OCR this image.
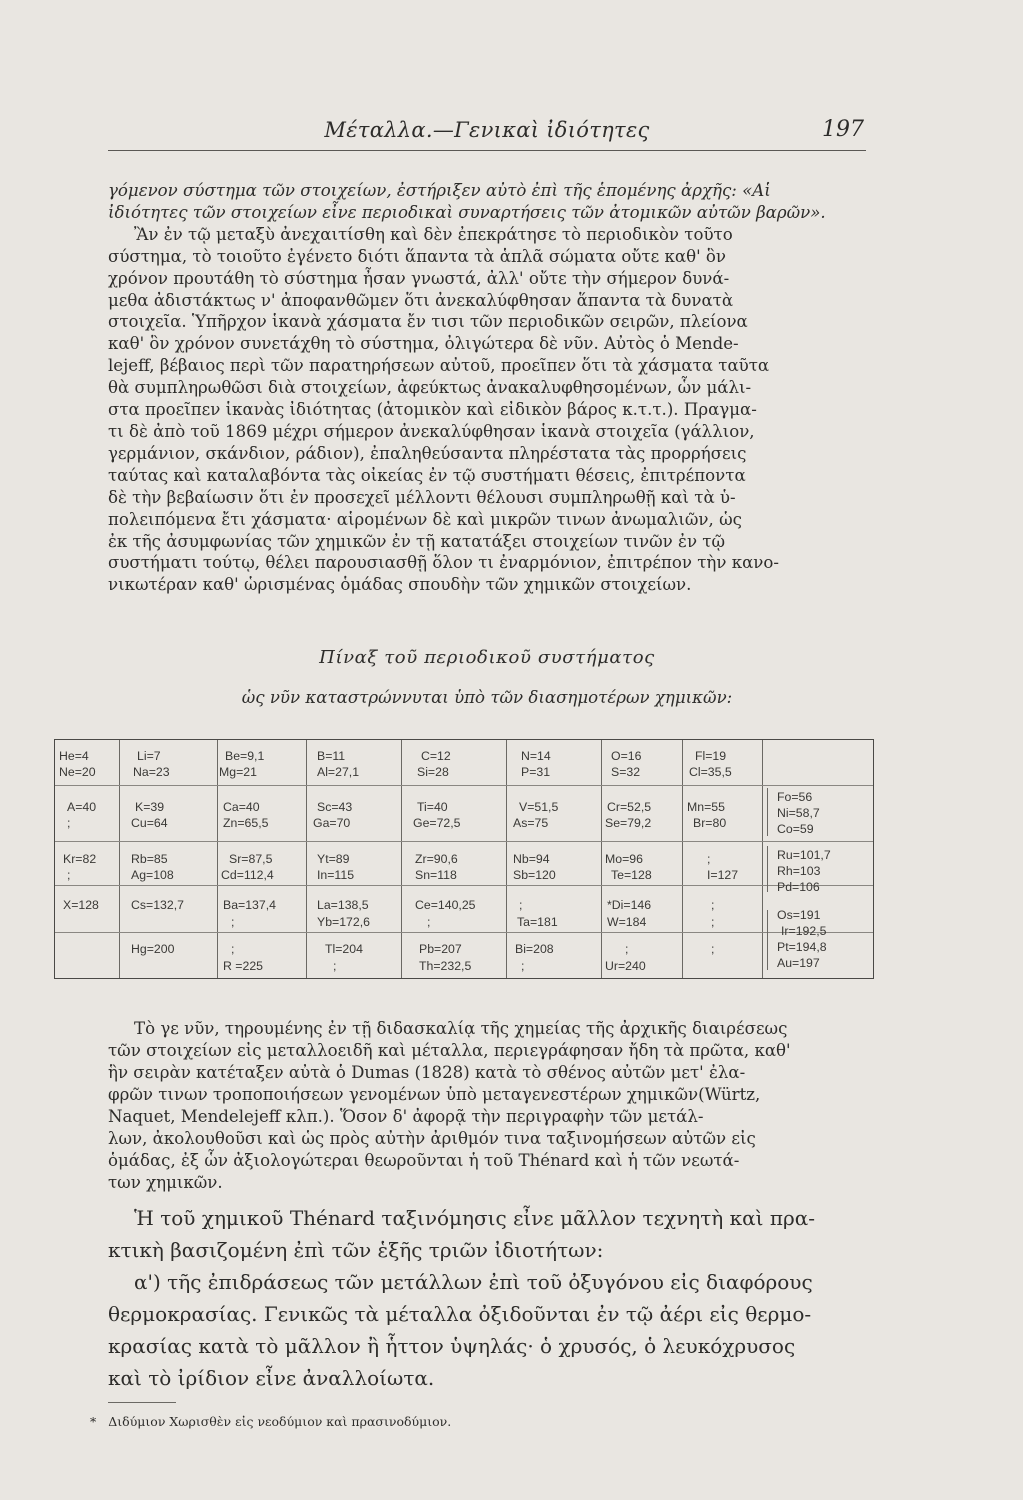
Μέταλλα.—Γενικαὶ ἰδιότητες	197

γόμενον σύστημα τῶν στοιχείων, ἐστήριξεν αὐτὸ ἐπὶ τῆς ἑπομένης ἀρχῆς: «Αἱ

ἰδιότητες τῶν στοιχείων εἶνε περιοδικαὶ συναρτήσεις τῶν ἀτομικῶν αὐτῶν βαρῶν».

Ἂν ἐν τῷ μεταξὺ ἀνεχαιτίσθη καὶ δὲν ἐπεκράτησε τὸ περιοδικὸν τοῦτο

σύστημα, τὸ τοιοῦτο ἐγένετο διότι ἅπαντα τὰ ἁπλᾶ σώματα οὔτε καθ' ὃν

χρόνον προυτάθη τὸ σύστημα ἦσαν γνωστά, ἀλλ' οὔτε τὴν σήμερον δυνά-

μεθα ἀδιστάκτως ν' ἀποφανθῶμεν ὅτι ἀνεκαλύφθησαν ἅπαντα τὰ δυνατὰ

στοιχεῖα. Ὑπῆρχον ἱκανὰ χάσματα ἔν τισι τῶν περιοδικῶν σειρῶν, πλείονα

καθ' ὃν χρόνον συνετάχθη τὸ σύστημα, ὀλιγώτερα δὲ νῦν. Αὐτὸς ὁ Mende-

lejeff, βέβαιος περὶ τῶν παρατηρήσεων αὐτοῦ, προεῖπεν ὅτι τὰ χάσματα ταῦτα

θὰ συμπληρωθῶσι διὰ στοιχείων, ἀφεύκτως ἀνακαλυφθησομένων, ὧν μάλι-

στα προεῖπεν ἱκανὰς ἰδιότητας (ἀτομικὸν καὶ εἰδικὸν βάρος κ.τ.τ.). Πραγμα-

τι δὲ ἀπὸ τοῦ 1869 μέχρι σήμερον ἀνεκαλύφθησαν ἱκανὰ στοιχεῖα (γάλλιον,

γερμάνιον, σκάνδιον, ράδιον), ἐπαληθεύσαντα πληρέστατα τὰς προρρήσεις

ταύτας καὶ καταλαβόντα τὰς οἰκείας ἐν τῷ συστήματι θέσεις, ἐπιτρέποντα

δὲ τὴν βεβαίωσιν ὅτι ἐν προσεχεῖ μέλλοντι θέλουσι συμπληρωθῇ καὶ τὰ ὑ-

πολειπόμενα ἔτι χάσματα· αἱρομένων δὲ καὶ μικρῶν τινων ἀνωμαλιῶν, ὡς

ἐκ τῆς ἀσυμφωνίας τῶν χημικῶν ἐν τῇ κατατάξει στοιχείων τινῶν ἐν τῷ

συστήματι τούτῳ, θέλει παρουσιασθῇ ὅλον τι ἐναρμόνιον, ἐπιτρέπον τὴν κανο-

νικωτέραν καθ' ὡρισμένας ὁμάδας σπουδὴν τῶν χημικῶν στοιχείων.

Πίναξ τοῦ περιοδικοῦ συστήματος
ὡς νῦν καταστρώννυται ὑπὸ τῶν διασημοτέρων χημικῶν:
He=4
Ne=20
A=40
;
Kr=82
;
X=128
Li=7
Na=23
K=39
Cu=64
Rb=85
Ag=108
Cs=132,7
Hg=200
Be=9,1
Mg=21
Ca=40
Zn=65,5
Sr=87,5
Cd=112,4
Ba=137,4
;
;
R =225
B=11
Al=27,1
Sc=43
Ga=70
Yt=89
In=115
La=138,5
Yb=172,6
Tl=204
;
C=12
Si=28
Ti=40
Ge=72,5
Zr=90,6
Sn=118
Ce=140,25
;
Pb=207
Th=232,5
N=14
P=31
V=51,5
As=75
Nb=94
Sb=120
;
Ta=181
Bi=208
;
O=16
S=32
Cr=52,5
Se=79,2
Mo=96
Te=128
*Di=146
W=184
;
Ur=240
Fl=19
Cl=35,5
Mn=55
Br=80
;
I=127
;
;
;
Fo=56
Ni=58,7
Co=59
Ru=101,7
Rh=103
Pd=106
Os=191
Ir=192,5
Pt=194,8
Au=197

Τὸ γε νῦν, τηρουμένης ἐν τῇ διδασκαλίᾳ τῆς χημείας τῆς ἀρχικῆς διαιρέσεως

τῶν στοιχείων εἰς μεταλλοειδῆ καὶ μέταλλα, περιεγράφησαν ἤδη τὰ πρῶτα, καθ'

ἣν σειρὰν κατέταξεν αὐτὰ ὁ Dumas (1828) κατὰ τὸ σθένος αὐτῶν μετ' ἐλα-

φρῶν τινων τροποποιήσεων γενομένων ὑπὸ μεταγενεστέρων χημικῶν(Würtz,

Naquet, Mendelejeff κλπ.). Ὅσον δ' ἀφορᾷ τὴν περιγραφὴν τῶν μετάλ-

λων, ἀκολουθοῦσι καὶ ὡς πρὸς αὐτὴν ἀριθμόν τινα ταξινομήσεων αὐτῶν εἰς

ὁμάδας, ἐξ ὧν ἀξιολογώτεραι θεωροῦνται ἡ τοῦ Thénard καὶ ἡ τῶν νεωτά-

των χημικῶν.

Ἡ τοῦ χημικοῦ Thénard ταξινόμησις εἶνε μᾶλλον τεχνητὴ καὶ πρα-

κτικὴ βασιζομένη ἐπὶ τῶν ἑξῆς τριῶν ἰδιοτήτων:

α') τῆς ἐπιδράσεως τῶν μετάλλων ἐπὶ τοῦ ὀξυγόνου εἰς διαφόρους

θερμοκρασίας. Γενικῶς τὰ μέταλλα ὀξιδοῦνται ἐν τῷ ἀέρι εἰς θερμο-

κρασίας κατὰ τὸ μᾶλλον ἢ ἧττον ὑψηλάς· ὁ χρυσός, ὁ λευκόχρυσος

καὶ τὸ ἰρίδιον εἶνε ἀναλλοίωτα.

* Διδύμιον Χωρισθὲν εἰς νεοδύμιον καὶ πρασινοδύμιον.
